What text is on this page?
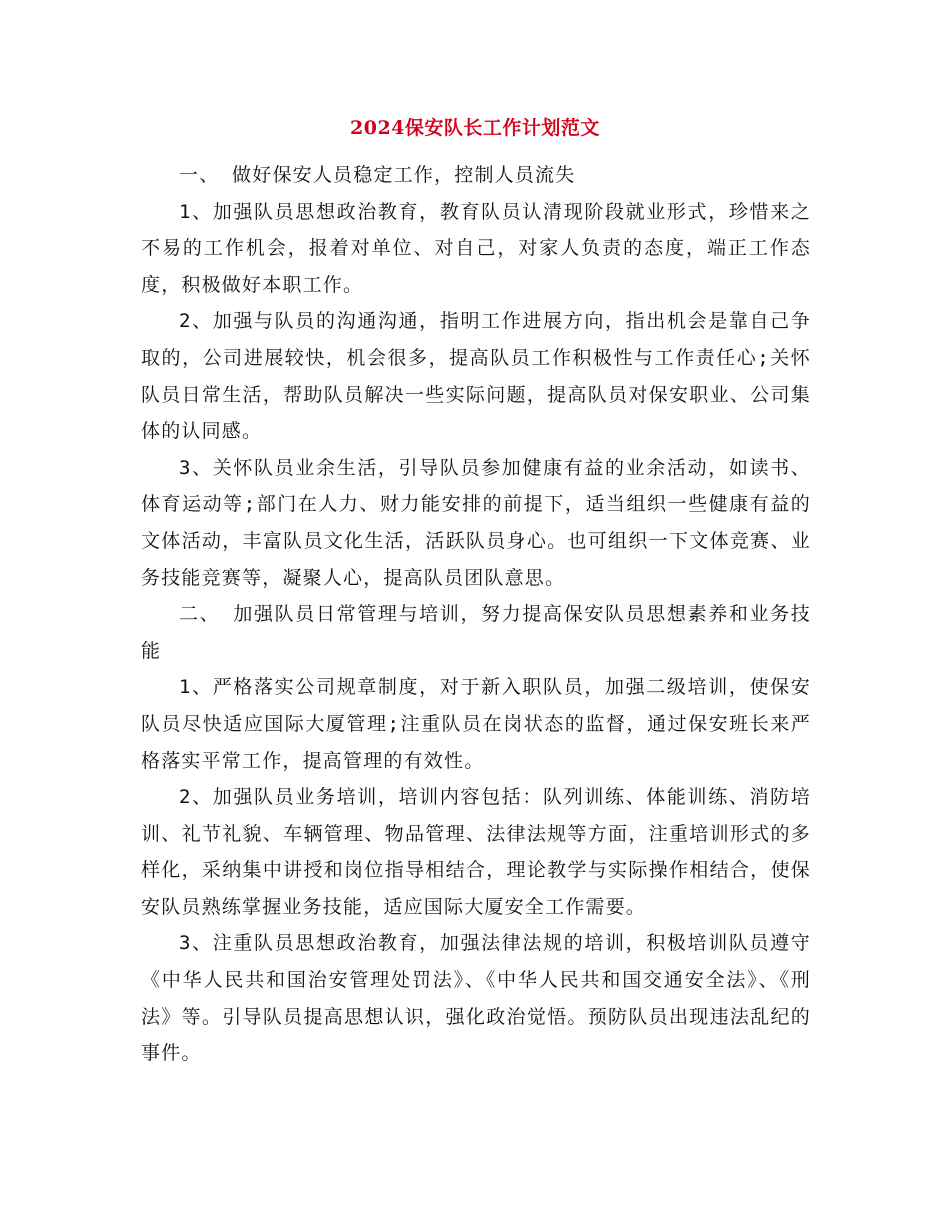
2024保安队长工作计划范文

一、 做好保安人员稳定工作，控制人员流失

1、加强队员思想政治教育，教育队员认清现阶段就业形式，珍惜来之不易的工作机会，报着对单位、对自己，对家人负责的态度，端正工作态度，积极做好本职工作。

2、加强与队员的沟通沟通，指明工作进展方向，指出机会是靠自己争取的，公司进展较快，机会很多，提高队员工作积极性与工作责任心;关怀队员日常生活，帮助队员解决一些实际问题，提高队员对保安职业、公司集体的认同感。

3、关怀队员业余生活，引导队员参加健康有益的业余活动，如读书、体育运动等;部门在人力、财力能安排的前提下，适当组织一些健康有益的文体活动，丰富队员文化生活，活跃队员身心。也可组织一下文体竞赛、业务技能竞赛等，凝聚人心，提高队员团队意思。

二、 加强队员日常管理与培训，努力提高保安队员思想素养和业务技能

1、严格落实公司规章制度，对于新入职队员，加强二级培训，使保安队员尽快适应国际大厦管理;注重队员在岗状态的监督，通过保安班长来严格落实平常工作，提高管理的有效性。

2、加强队员业务培训，培训内容包括：队列训练、体能训练、消防培训、礼节礼貌、车辆管理、物品管理、法律法规等方面，注重培训形式的多样化，采纳集中讲授和岗位指导相结合，理论教学与实际操作相结合，使保安队员熟练掌握业务技能，适应国际大厦安全工作需要。

3、注重队员思想政治教育，加强法律法规的培训，积极培训队员遵守《中华人民共和国治安管理处罚法》、《中华人民共和国交通安全法》、《刑法》等。引导队员提高思想认识，强化政治觉悟。预防队员出现违法乱纪的事件。
